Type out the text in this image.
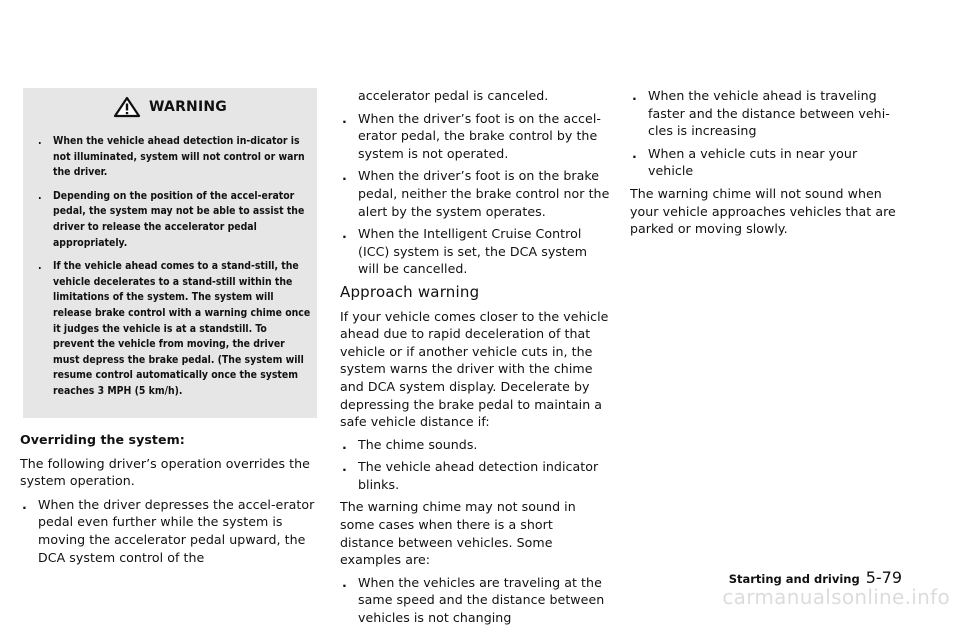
WARNING
. When the vehicle ahead detection in-dicator is not illuminated, system will not control or warn the driver.
. Depending on the position of the accel-erator pedal, the system may not be able to assist the driver to release the accelerator pedal appropriately.
. If the vehicle ahead comes to a stand-still, the vehicle decelerates to a stand-still within the limitations of the system. The system will release brake control with a warning chime once it judges the vehicle is at a standstill. To prevent the vehicle from moving, the driver must depress the brake pedal. (The system will resume control automatically once the system reaches 3 MPH (5 km/h).

Overriding the system:

The following driver’s operation overrides the system operation.

. When the driver depresses the accel-erator pedal even further while the system is moving the accelerator pedal upward, the DCA system control of the
accelerator pedal is canceled.
. When the driver’s foot is on the accel-erator pedal, the brake control by the system is not operated.
. When the driver’s foot is on the brake pedal, neither the brake control nor the alert by the system operates.
. When the Intelligent Cruise Control (ICC) system is set, the DCA system will be cancelled.
Approach warning

If your vehicle comes closer to the vehicle ahead due to rapid deceleration of that vehicle or if another vehicle cuts in, the system warns the driver with the chime and DCA system display. Decelerate by depressing the brake pedal to maintain a safe vehicle distance if:

. The chime sounds.
. The vehicle ahead detection indicator blinks.

The warning chime may not sound in some cases when there is a short distance between vehicles. Some examples are:

. When the vehicles are traveling at the same speed and the distance between vehicles is not changing
. When the vehicle ahead is traveling faster and the distance between vehi-cles is increasing
. When a vehicle cuts in near your vehicle

The warning chime will not sound when your vehicle approaches vehicles that are parked or moving slowly.

Starting and driving 5-79
carmanualsonline.info
